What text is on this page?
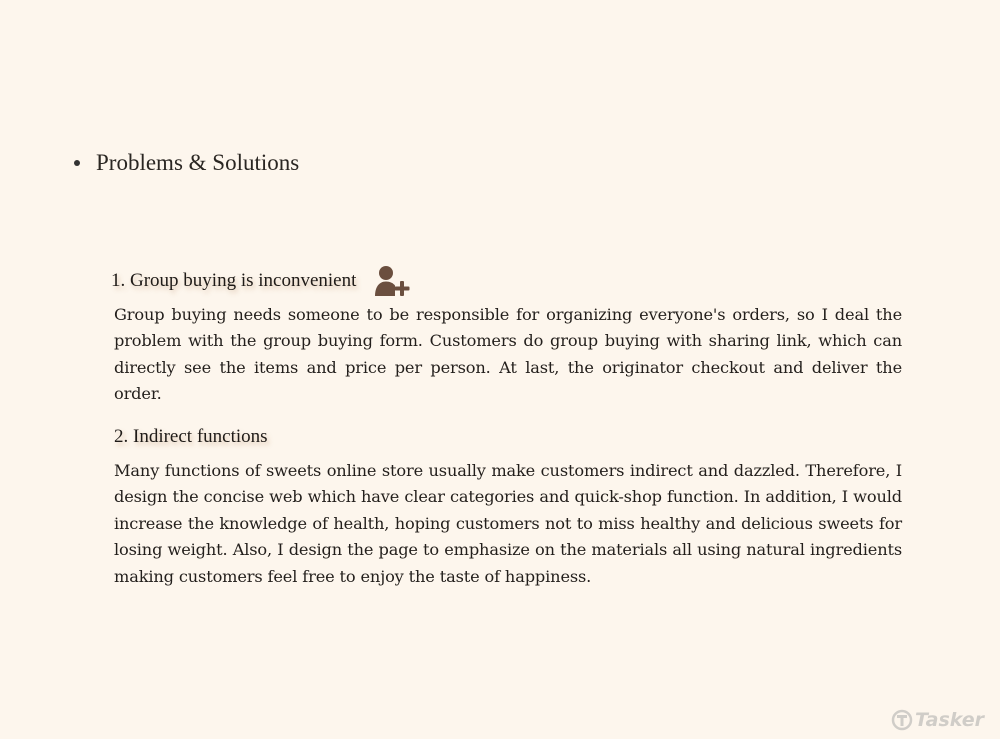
Problems & Solutions
1. Group buying is inconvenient

Group buying needs someone to be responsible for organizing everyone's orders, so I deal the problem with the group buying form. Customers do group buying with sharing link, which can directly see the items and price per person. At last, the originator checkout and deliver the order.

2. Indirect functions

Many functions of sweets online store usually make customers indirect and dazzled. Therefore, I design the concise web which have clear categories and quick-shop function. In addition, I would increase the knowledge of health, hoping customers not to miss healthy and delicious sweets for losing weight. Also, I design the page to emphasize on the materials all using natural ingredients making customers feel free to enjoy the taste of happiness.

Tasker
